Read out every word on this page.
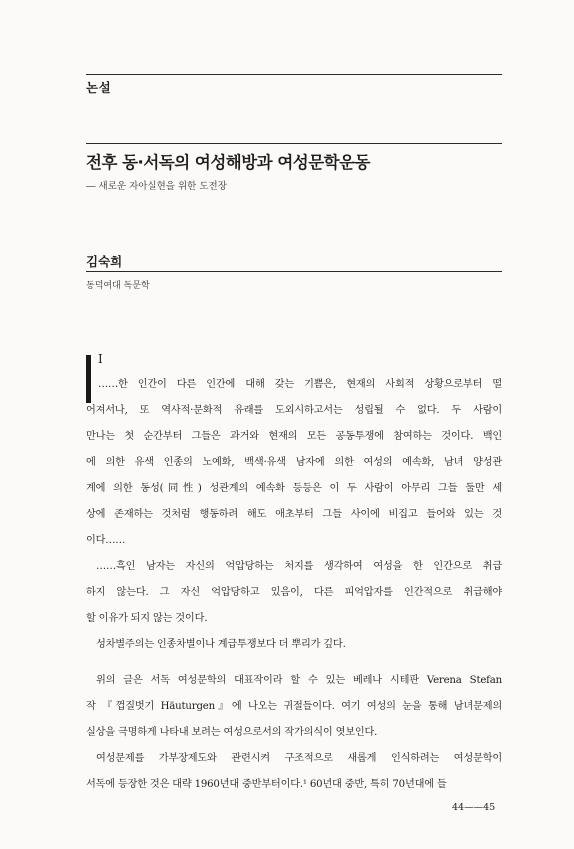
논설
전후 동·서독의 여성해방과 여성문학운동

― 새로운 자아실현을 위한 도전장

김숙희

동덕여대 독문학

I

……한 인간이 다른 인간에 대해 갖는 기쁨은, 현재의 사회적 상황으로부터 떨

어져서나, 또 역사적·문화적 유래를 도외시하고서는 성립될 수 없다. 두 사람이

만나는 첫 순간부터 그들은 과거와 현재의 모든 공동투쟁에 참여하는 것이다. 백인

에 의한 유색 인종의 노예화, 백색·유색 남자에 의한 여성의 예속화, 남녀 양성관

계에 의한 동성(同性) 성관계의 예속화 등등은 이 두 사람이 아무리 그들 둘만 세

상에 존재하는 것처럼 행동하려 해도 애초부터 그들 사이에 비집고 들어와 있는 것

이다……

……흑인 남자는 자신의 억압당하는 처지를 생각하여 여성을 한 인간으로 취급

하지 않는다. 그 자신 억압당하고 있음이, 다른 피억압자를 인간적으로 취급해야

할 이유가 되지 않는 것이다.

성차별주의는 인종차별이나 계급투쟁보다 더 뿌리가 깊다.

위의 글은 서독 여성문학의 대표작이라 할 수 있는 베레나 시테판 Verena Stefan

작 『껍질벗기 Häuturgen』에 나오는 귀절들이다. 여기 여성의 눈을 통해 남녀문제의

실상을 극명하게 나타내 보려는 여성으로서의 작가의식이 엿보인다.

여성문제를 가부장제도와 관련시켜 구조적으로 새롭게 인식하려는 여성문학이

서독에 등장한 것은 대략 1960년대 중반부터이다.¹ 60년대 중반, 특히 70년대에 들

44——45
